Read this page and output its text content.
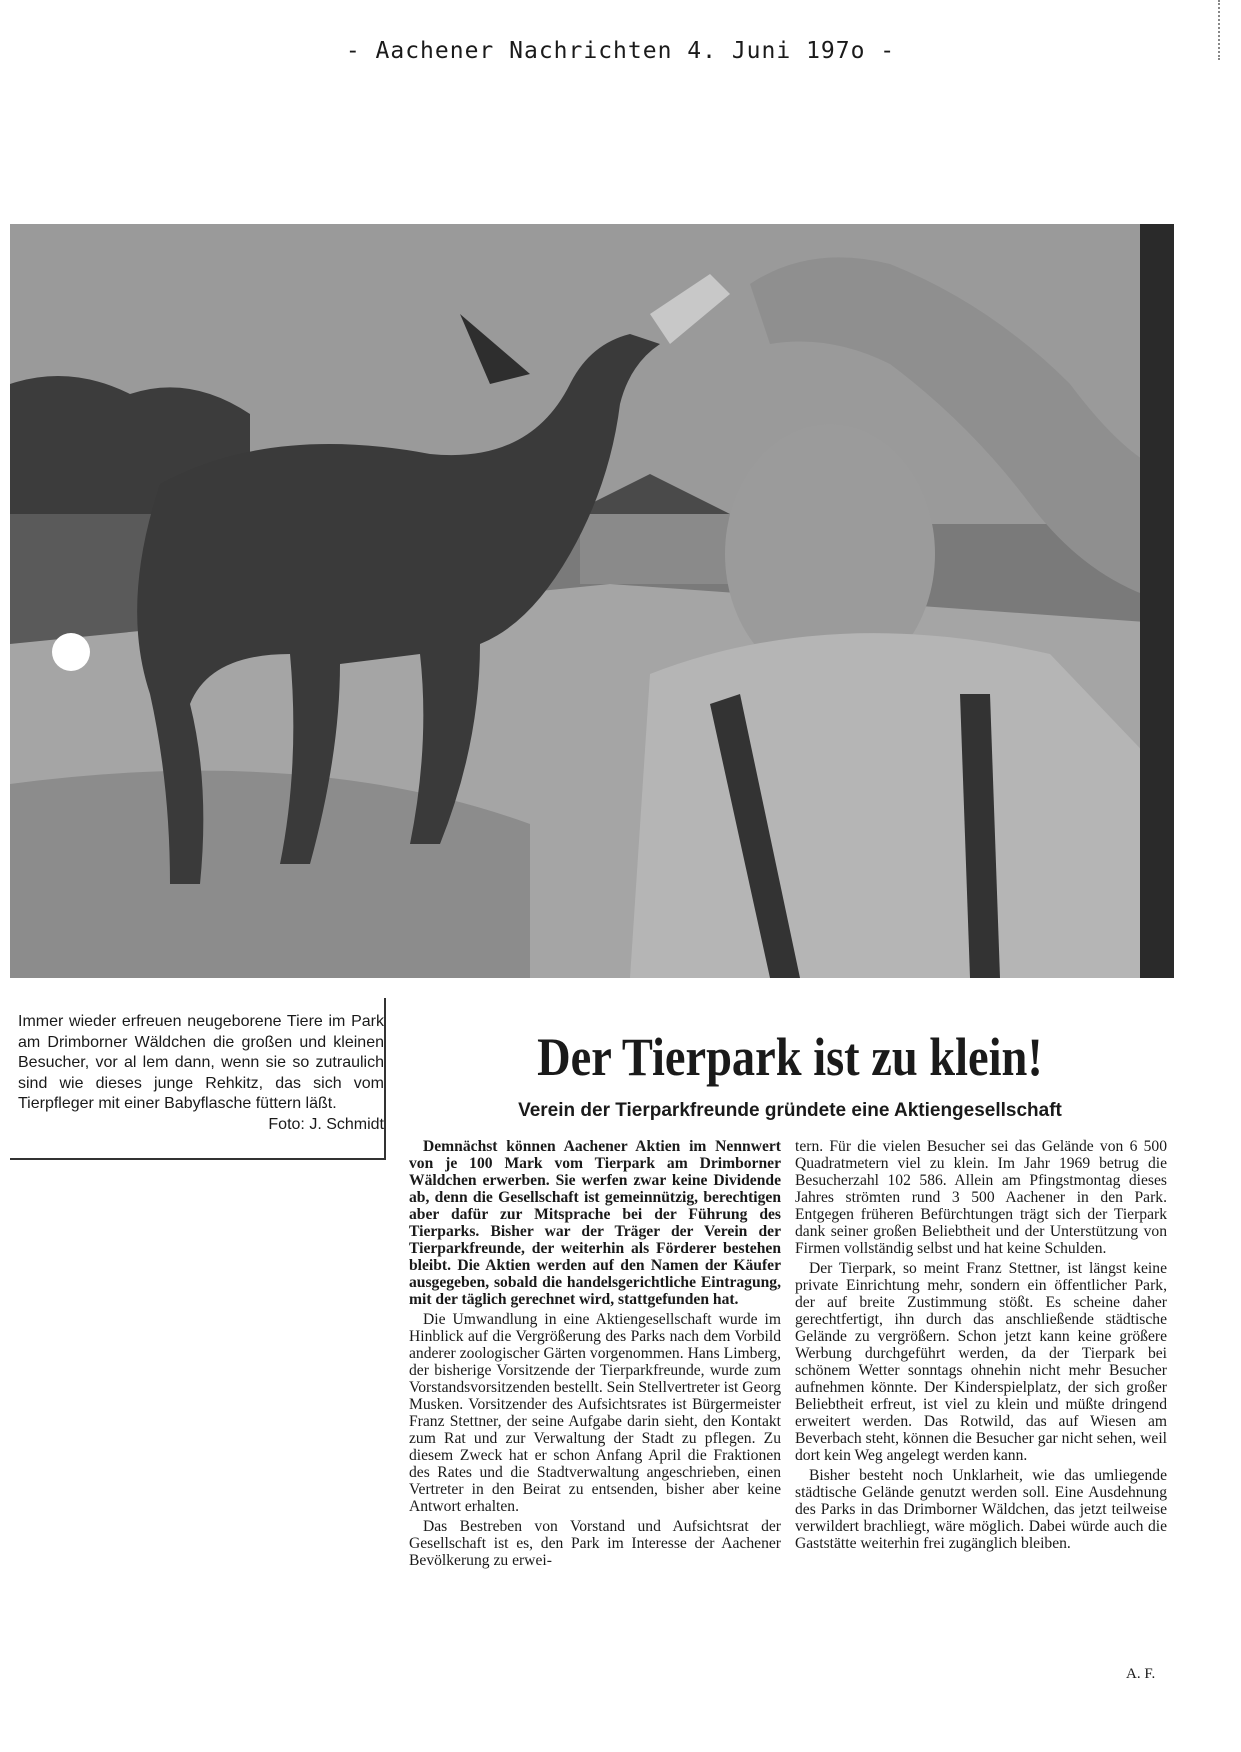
- Aachener Nachrichten 4. Juni 197o -
Immer wieder erfreuen neugeborene Tiere im Park am Drimborner Wäldchen die großen und kleinen Besucher, vor al lem dann, wenn sie so zutraulich sind wie dieses junge Rehkitz, das sich vom Tierpfleger mit einer Babyflasche füttern läßt.
Foto: J. Schmidt
Der Tierpark ist zu klein!
Verein der Tierparkfreunde gründete eine Aktiengesellschaft

Demnächst können Aachener Aktien im Nennwert von je 100 Mark vom Tierpark am Drimborner Wäldchen erwerben. Sie werfen zwar keine Dividende ab, denn die Gesellschaft ist gemeinnützig, berechtigen aber dafür zur Mitsprache bei der Führung des Tierparks. Bisher war der Träger der Verein der Tierparkfreunde, der weiterhin als Förderer bestehen bleibt. Die Aktien werden auf den Namen der Käufer ausgegeben, sobald die handelsgerichtliche Eintragung, mit der täglich gerechnet wird, stattgefunden hat.

Die Umwandlung in eine Aktiengesellschaft wurde im Hinblick auf die Vergrößerung des Parks nach dem Vorbild anderer zoologischer Gärten vorgenommen. Hans Limberg, der bisherige Vorsitzende der Tierparkfreunde, wurde zum Vorstandsvorsitzenden bestellt. Sein Stellvertreter ist Georg Musken. Vorsitzender des Aufsichtsrates ist Bürgermeister Franz Stettner, der seine Aufgabe darin sieht, den Kontakt zum Rat und zur Verwaltung der Stadt zu pflegen. Zu diesem Zweck hat er schon Anfang April die Fraktionen des Rates und die Stadtverwaltung angeschrieben, einen Vertreter in den Beirat zu entsenden, bisher aber keine Antwort erhalten.

Das Bestreben von Vorstand und Aufsichtsrat der Gesellschaft ist es, den Park im Interesse der Aachener Bevölkerung zu erwei-

tern. Für die vielen Besucher sei das Gelände von 6 500 Quadratmetern viel zu klein. Im Jahr 1969 betrug die Besucherzahl 102 586. Allein am Pfingstmontag dieses Jahres strömten rund 3 500 Aachener in den Park. Entgegen früheren Befürchtungen trägt sich der Tierpark dank seiner großen Beliebtheit und der Unterstützung von Firmen vollständig selbst und hat keine Schulden.

Der Tierpark, so meint Franz Stettner, ist längst keine private Einrichtung mehr, sondern ein öffentlicher Park, der auf breite Zustimmung stößt. Es scheine daher gerechtfertigt, ihn durch das anschließende städtische Gelände zu vergrößern. Schon jetzt kann keine größere Werbung durchgeführt werden, da der Tierpark bei schönem Wetter sonntags ohnehin nicht mehr Besucher aufnehmen könnte. Der Kinderspielplatz, der sich großer Beliebtheit erfreut, ist viel zu klein und müßte dringend erweitert werden. Das Rotwild, das auf Wiesen am Beverbach steht, können die Besucher gar nicht sehen, weil dort kein Weg angelegt werden kann.

Bisher besteht noch Unklarheit, wie das umliegende städtische Gelände genutzt werden soll. Eine Ausdehnung des Parks in das Drimborner Wäldchen, das jetzt teilweise verwildert brachliegt, wäre möglich. Dabei würde auch die Gaststätte weiterhin frei zugänglich bleiben.

A. F.
